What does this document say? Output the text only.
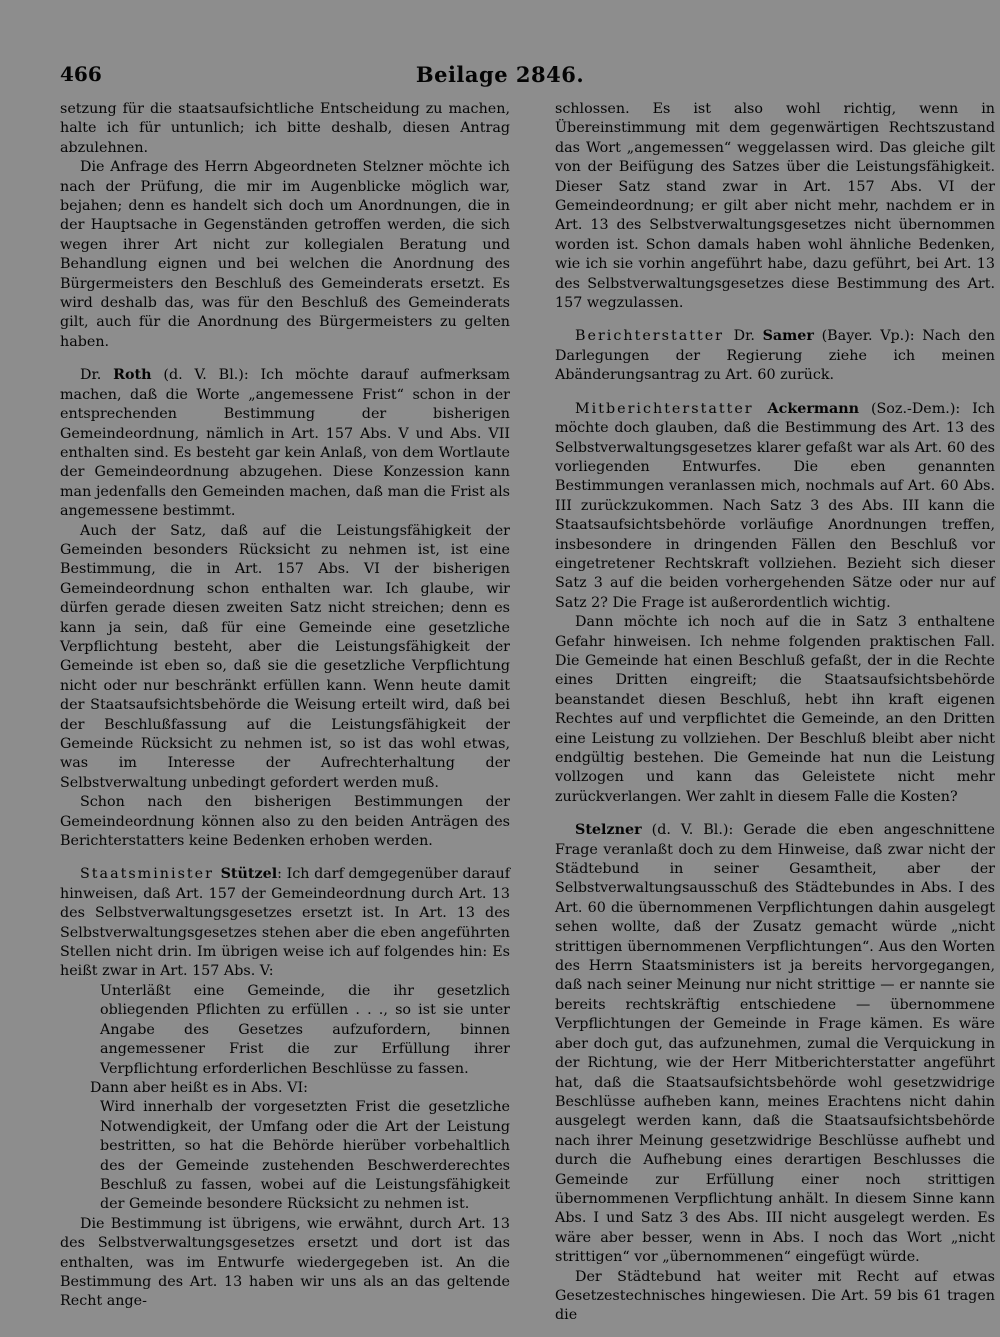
466	Beilage 2846.

setzung für die staatsaufsichtliche Entscheidung zu machen, halte ich für untunlich; ich bitte deshalb, diesen Antrag abzulehnen.

Die Anfrage des Herrn Abgeordneten Stelzner möchte ich nach der Prüfung, die mir im Augenblicke möglich war, bejahen; denn es handelt sich doch um Anordnungen, die in der Hauptsache in Gegenständen getroffen werden, die sich wegen ihrer Art nicht zur kollegialen Beratung und Behandlung eignen und bei welchen die Anordnung des Bürgermeisters den Beschluß des Gemeinderats ersetzt. Es wird deshalb das, was für den Beschluß des Gemeinderats gilt, auch für die Anordnung des Bürgermeisters zu gelten haben.

Dr. Roth (d. V. Bl.): Ich möchte darauf aufmerksam machen, daß die Worte „angemessene Frist“ schon in der entsprechenden Bestimmung der bisherigen Gemeindeordnung, nämlich in Art. 157 Abs. V und Abs. VII enthalten sind. Es besteht gar kein Anlaß, von dem Wortlaute der Gemeindeordnung abzugehen. Diese Konzession kann man jedenfalls den Gemeinden machen, daß man die Frist als angemessene bestimmt.

Auch der Satz, daß auf die Leistungsfähigkeit der Gemeinden besonders Rücksicht zu nehmen ist, ist eine Bestimmung, die in Art. 157 Abs. VI der bisherigen Gemeindeordnung schon enthalten war. Ich glaube, wir dürfen gerade diesen zweiten Satz nicht streichen; denn es kann ja sein, daß für eine Gemeinde eine gesetzliche Verpflichtung besteht, aber die Leistungsfähigkeit der Gemeinde ist eben so, daß sie die gesetzliche Verpflichtung nicht oder nur beschränkt erfüllen kann. Wenn heute damit der Staatsaufsichtsbehörde die Weisung erteilt wird, daß bei der Beschlußfassung auf die Leistungsfähigkeit der Gemeinde Rücksicht zu nehmen ist, so ist das wohl etwas, was im Interesse der Aufrechterhaltung der Selbstverwaltung unbedingt gefordert werden muß.

Schon nach den bisherigen Bestimmungen der Gemeindeordnung können also zu den beiden Anträgen des Berichterstatters keine Bedenken erhoben werden.

Staatsminister Stützel: Ich darf demgegenüber darauf hinweisen, daß Art. 157 der Gemeindeordnung durch Art. 13 des Selbstverwaltungsgesetzes ersetzt ist. In Art. 13 des Selbstverwaltungsgesetzes stehen aber die eben angeführten Stellen nicht drin. Im übrigen weise ich auf folgendes hin: Es heißt zwar in Art. 157 Abs. V:

Unterläßt eine Gemeinde, die ihr gesetzlich obliegenden Pflichten zu erfüllen . . ., so ist sie unter Angabe des Gesetzes aufzufordern, binnen angemessener Frist die zur Erfüllung ihrer Verpflichtung erforderlichen Beschlüsse zu fassen.

Dann aber heißt es in Abs. VI:

Wird innerhalb der vorgesetzten Frist die gesetzliche Notwendigkeit, der Umfang oder die Art der Leistung bestritten, so hat die Behörde hierüber vorbehaltlich des der Gemeinde zustehenden Beschwerderechtes Beschluß zu fassen, wobei auf die Leistungsfähigkeit der Gemeinde besondere Rücksicht zu nehmen ist.

Die Bestimmung ist übrigens, wie erwähnt, durch Art. 13 des Selbstverwaltungsgesetzes ersetzt und dort ist das enthalten, was im Entwurfe wiedergegeben ist. An die Bestimmung des Art. 13 haben wir uns als an das geltende Recht ange-

schlossen. Es ist also wohl richtig, wenn in Übereinstimmung mit dem gegenwärtigen Rechtszustand das Wort „angemessen“ weggelassen wird. Das gleiche gilt von der Beifügung des Satzes über die Leistungsfähigkeit. Dieser Satz stand zwar in Art. 157 Abs. VI der Gemeindeordnung; er gilt aber nicht mehr, nachdem er in Art. 13 des Selbstverwaltungsgesetzes nicht übernommen worden ist. Schon damals haben wohl ähnliche Bedenken, wie ich sie vorhin angeführt habe, dazu geführt, bei Art. 13 des Selbstverwaltungsgesetzes diese Bestimmung des Art. 157 wegzulassen.

Berichterstatter Dr. Samer (Bayer. Vp.): Nach den Darlegungen der Regierung ziehe ich meinen Abänderungsantrag zu Art. 60 zurück.

Mitberichterstatter Ackermann (Soz.-Dem.): Ich möchte doch glauben, daß die Bestimmung des Art. 13 des Selbstverwaltungsgesetzes klarer gefaßt war als Art. 60 des vorliegenden Entwurfes. Die eben genannten Bestimmungen veranlassen mich, nochmals auf Art. 60 Abs. III zurückzukommen. Nach Satz 3 des Abs. III kann die Staatsaufsichtsbehörde vorläufige Anordnungen treffen, insbesondere in dringenden Fällen den Beschluß vor eingetretener Rechtskraft vollziehen. Bezieht sich dieser Satz 3 auf die beiden vorhergehenden Sätze oder nur auf Satz 2? Die Frage ist außerordentlich wichtig.

Dann möchte ich noch auf die in Satz 3 enthaltene Gefahr hinweisen. Ich nehme folgenden praktischen Fall. Die Gemeinde hat einen Beschluß gefaßt, der in die Rechte eines Dritten eingreift; die Staatsaufsichtsbehörde beanstandet diesen Beschluß, hebt ihn kraft eigenen Rechtes auf und verpflichtet die Gemeinde, an den Dritten eine Leistung zu vollziehen. Der Beschluß bleibt aber nicht endgültig bestehen. Die Gemeinde hat nun die Leistung vollzogen und kann das Geleistete nicht mehr zurückverlangen. Wer zahlt in diesem Falle die Kosten?

Stelzner (d. V. Bl.): Gerade die eben angeschnittene Frage veranlaßt doch zu dem Hinweise, daß zwar nicht der Städtebund in seiner Gesamtheit, aber der Selbstverwaltungsausschuß des Städtebundes in Abs. I des Art. 60 die übernommenen Verpflichtungen dahin ausgelegt sehen wollte, daß der Zusatz gemacht würde „nicht strittigen übernommenen Verpflichtungen“. Aus den Worten des Herrn Staatsministers ist ja bereits hervorgegangen, daß nach seiner Meinung nur nicht strittige — er nannte sie bereits rechtskräftig entschiedene — übernommene Verpflichtungen der Gemeinde in Frage kämen. Es wäre aber doch gut, das aufzunehmen, zumal die Verquickung in der Richtung, wie der Herr Mitberichterstatter angeführt hat, daß die Staatsaufsichtsbehörde wohl gesetzwidrige Beschlüsse aufheben kann, meines Erachtens nicht dahin ausgelegt werden kann, daß die Staatsaufsichtsbehörde nach ihrer Meinung gesetzwidrige Beschlüsse aufhebt und durch die Aufhebung eines derartigen Beschlusses die Gemeinde zur Erfüllung einer noch strittigen übernommenen Verpflichtung anhält. In diesem Sinne kann Abs. I und Satz 3 des Abs. III nicht ausgelegt werden. Es wäre aber besser, wenn in Abs. I noch das Wort „nicht strittigen“ vor „übernommenen“ eingefügt würde.

Der Städtebund hat weiter mit Recht auf etwas Gesetzestechnisches hingewiesen. Die Art. 59 bis 61 tragen die
